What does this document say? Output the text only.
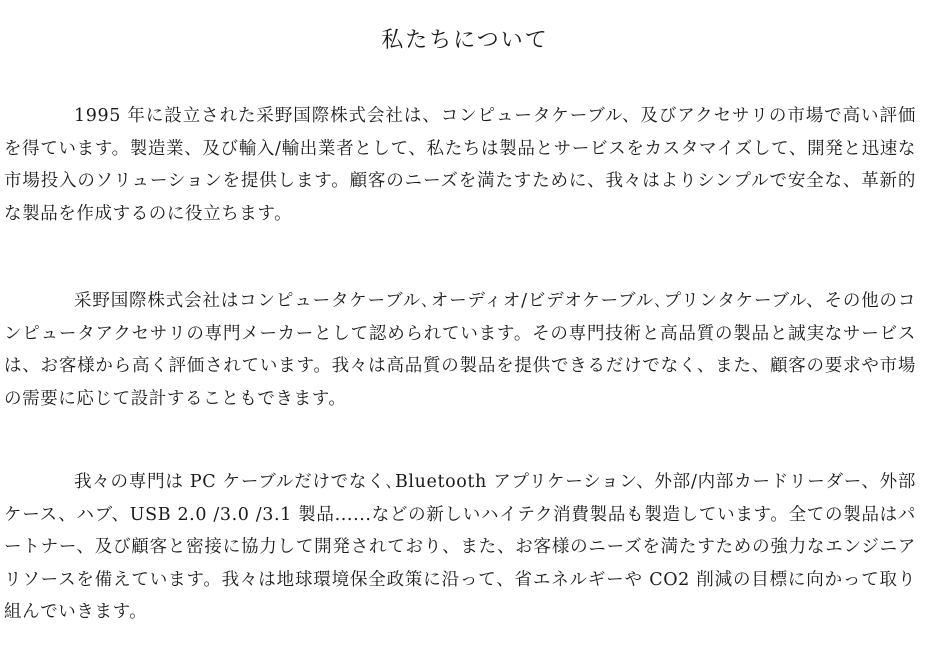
私たちについて

1995 年に設立された采野国際株式会社は、コンピュータケーブル、及びアクセサリの市場で高い評価を得ています。製造業、及び輸入/輸出業者として、私たちは製品とサービスをカスタマイズして、開発と迅速な市場投入のソリューションを提供します。顧客のニーズを満たすために、我々はよりシンプルで安全な、革新的な製品を作成するのに役立ちます。

采野国際株式会社はコンピュータケーブル､オーディオ/ビデオケーブル､プリンタケーブル、その他のコンピュータアクセサリの専門メーカーとして認められています。その専門技術と高品質の製品と誠実なサービスは、お客様から高く評価されています。我々は高品質の製品を提供できるだけでなく、また、顧客の要求や市場の需要に応じて設計することもできます。

我々の専門は PC ケーブルだけでなく､Bluetooth アプリケーション、外部/内部カードリーダー、外部ケース、ハブ、USB 2.0 /3.0 /3.1 製品......などの新しいハイテク消費製品も製造しています。全ての製品はパートナー、及び顧客と密接に協力して開発されており、また、お客様のニーズを満たすための強力なエンジニアリソースを備えています。我々は地球環境保全政策に沿って、省エネルギーや CO2 削減の目標に向かって取り組んでいきます。
